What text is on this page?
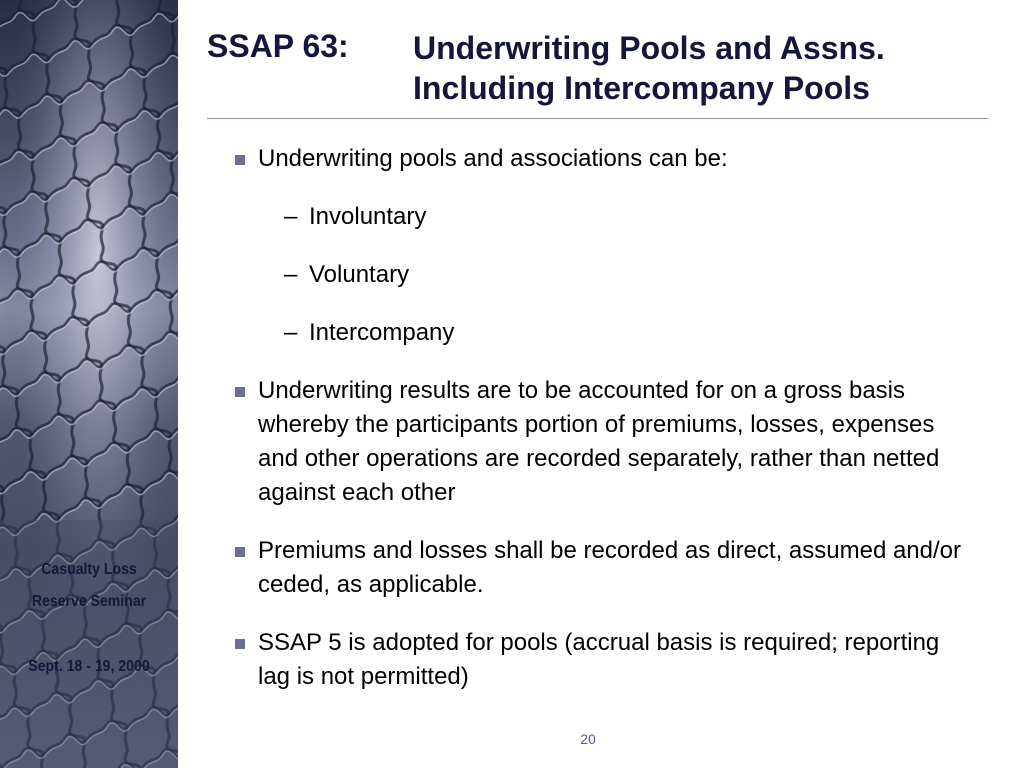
Casualty Loss
Reserve Seminar
Sept. 18 - 19, 2000
SSAP 63: Underwriting Pools and Assns.
Including Intercompany Pools
Underwriting pools and associations can be:
– Involuntary
– Voluntary
– Intercompany
Underwriting results are to be accounted for on a gross basis whereby the participants portion of premiums, losses, expenses and other operations are recorded separately, rather than netted against each other
Premiums and losses shall be recorded as direct, assumed and/or ceded, as applicable.
SSAP 5 is adopted for pools (accrual basis is required; reporting lag is not permitted)
20
